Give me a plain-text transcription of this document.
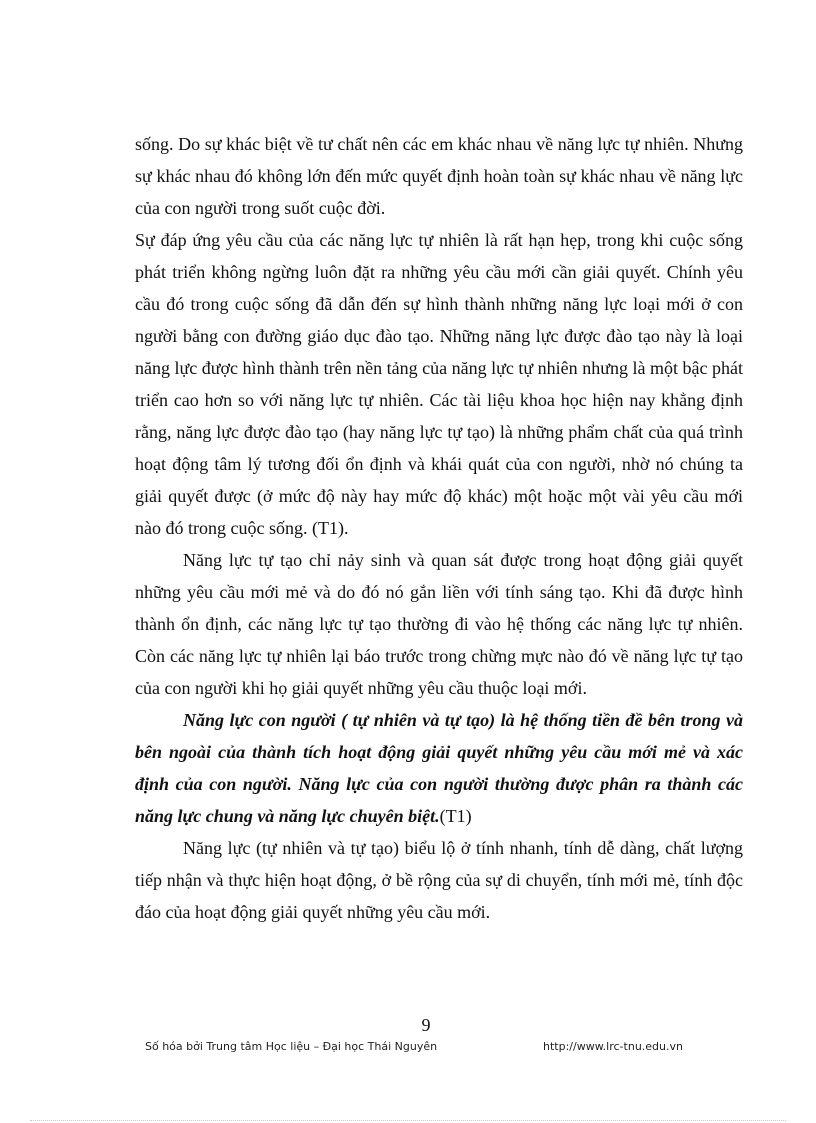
sống. Do sự khác biệt về tư chất nên các em khác nhau về năng lực tự nhiên. Nhưng sự khác nhau đó không lớn đến mức quyết định hoàn toàn sự khác nhau về năng lực của con người trong suốt cuộc đời.

Sự đáp ứng yêu cầu của các năng lực tự nhiên là rất hạn hẹp, trong khi cuộc sống phát triển không ngừng luôn đặt ra những yêu cầu mới cần giải quyết. Chính yêu cầu đó trong cuộc sống đã dẫn đến sự hình thành những năng lực loại mới ở con người bằng con đường giáo dục đào tạo. Những năng lực được đào tạo này là loại năng lực được hình thành trên nền tảng của năng lực tự nhiên nhưng là một bậc phát triển cao hơn so với năng lực tự nhiên. Các tài liệu khoa học hiện nay khẳng định rằng, năng lực được đào tạo (hay năng lực tự tạo) là những phẩm chất của quá trình hoạt động tâm lý tương đối ổn định và khái quát của con người, nhờ nó chúng ta giải quyết được (ở mức độ này hay mức độ khác) một hoặc một vài yêu cầu mới nào đó trong cuộc sống. (T1).

Năng lực tự tạo chỉ nảy sinh và quan sát được trong hoạt động giải quyết những yêu cầu mới mẻ và do đó nó gắn liền với tính sáng tạo. Khi đã được hình thành ổn định, các năng lực tự tạo thường đi vào hệ thống các năng lực tự nhiên. Còn các năng lực tự nhiên lại báo trước trong chừng mực nào đó về năng lực tự tạo của con người khi họ giải quyết những yêu cầu thuộc loại mới.

Năng lực con người ( tự nhiên và tự tạo) là hệ thống tiền đề bên trong và bên ngoài của thành tích hoạt động giải quyết những yêu cầu mới mẻ và xác định của con người. Năng lực của con người thường được phân ra thành các năng lực chung và năng lực chuyên biệt.(T1)

Năng lực (tự nhiên và tự tạo) biểu lộ ở tính nhanh, tính dễ dàng, chất lượng tiếp nhận và thực hiện hoạt động, ở bề rộng của sự di chuyển, tính mới mẻ, tính độc đáo của hoạt động giải quyết những yêu cầu mới.

9
Số hóa bởi Trung tâm Học liệu – Đại học Thái Nguyên	http://www.lrc-tnu.edu.vn
